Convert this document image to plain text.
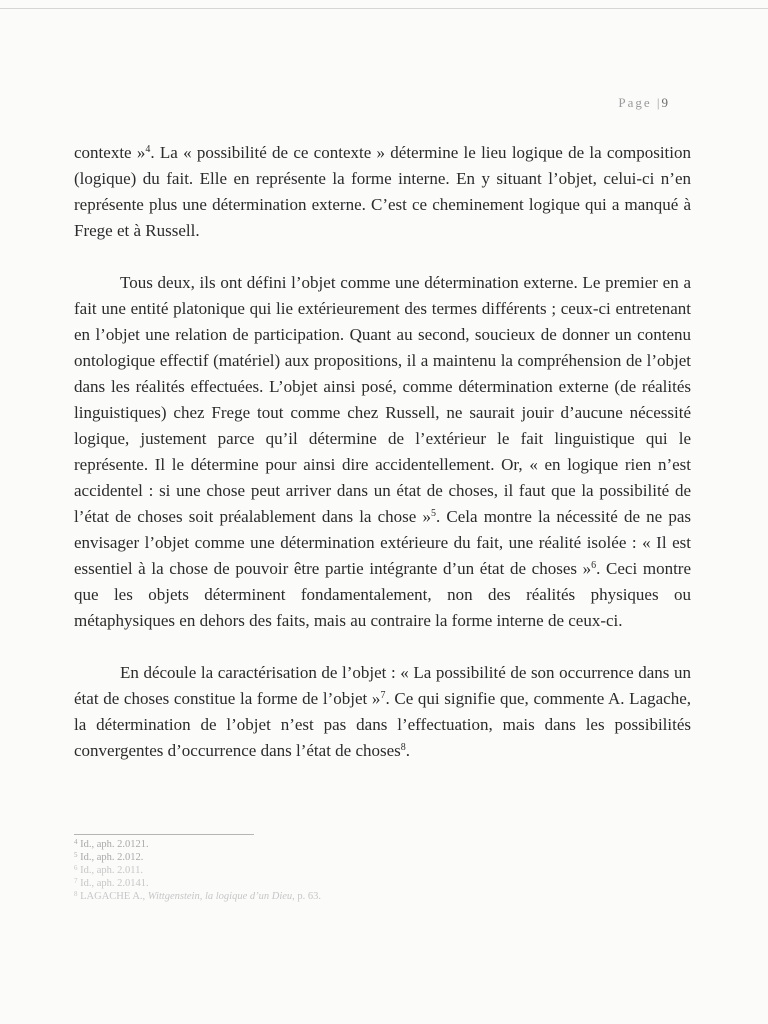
Page |9

contexte »$^4$. La « possibilité de ce contexte » détermine le lieu logique de la composition (logique) du fait. Elle en représente la forme interne. En y situant l’objet, celui-ci n’en représente plus une détermination externe. C’est ce cheminement logique qui a manqué à Frege et à Russell.

Tous deux, ils ont défini l’objet comme une détermination externe. Le premier en a fait une entité platonique qui lie extérieurement des termes différents ; ceux-ci entretenant en l’objet une relation de participation. Quant au second, soucieux de donner un contenu ontologique effectif (matériel) aux propositions, il a maintenu la compréhension de l’objet dans les réalités effectuées. L’objet ainsi posé, comme détermination externe (de réalités linguistiques) chez Frege tout comme chez Russell, ne saurait jouir d’aucune nécessité logique, justement parce qu’il détermine de l’extérieur le fait linguistique qui le représente. Il le détermine pour ainsi dire accidentellement. Or, « en logique rien n’est accidentel : si une chose peut arriver dans un état de choses, il faut que la possibilité de l’état de choses soit préalablement dans la chose »$^5$. Cela montre la nécessité de ne pas envisager l’objet comme une détermination extérieure du fait, une réalité isolée : « Il est essentiel à la chose de pouvoir être partie intégrante d’un état de choses »$^6$. Ceci montre que les objets déterminent fondamentalement, non des réalités physiques ou métaphysiques en dehors des faits, mais au contraire la forme interne de ceux-ci.

En découle la caractérisation de l’objet : « La possibilité de son occurrence dans un état de choses constitue la forme de l’objet »$^7$. Ce qui signifie que, commente A. Lagache, la détermination de l’objet n’est pas dans l’effectuation, mais dans les possibilités convergentes d’occurrence dans l’état de choses$^8$.

$^4$ Id., aph. 2.0121.
$^5$ Id., aph. 2.012.
$^6$ Id., aph. 2.011.
$^7$ Id., aph. 2.0141.
$^8$ LAGACHE A., Wittgenstein, la logique d’un Dieu, p. 63.
